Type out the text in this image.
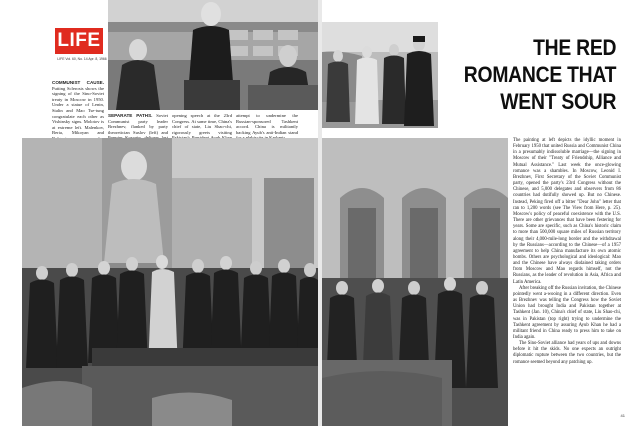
LIFE
LIFE Vol. 60, No. 14 Apr. 8, 1966
COMMUNIST CAUSE. Putting Sclerosis shows the signing of the Sino-Soviet treaty in Moscow in 1950. Under a statue of Lenin, Stalin and Mao Tse-tung congratulate each other as Vishinsky signs. Molotov is at extreme left. Malenkov, Beria, Mikoyan and
SEPARATE PATHS. Soviet Communist party leader Brezhnev, flanked by party theoretician Suslov (left) and
opening speech at the 23rd Congress. At same time, China's chief of state, Liu Shao-chi, rigorously greets visiting
attempt to undermine the Russian-sponsored Tashkent accord. China is militantly backing Ayub's anti-Indian stand
THE RED
ROMANCE THAT
WENT SOUR

The painting at left depicts the idyllic moment in February 1950 that united Russia and Communist China in a presumably indissoluble marriage—the signing in Moscow of their "Treaty of Friendship, Alliance and Mutual Assistance." Last week the once-glowing romance was a shambles. In Moscow, Leonid I. Brezhnev, First Secretary of the Soviet Communist party, opened the party's 23rd Congress without the Chinese, and 5,000 delegates and observers from 86 countries had dutifully showed up. But no Chinese. Instead, Peking fired off a bitter "Dear John" letter that ran to 1,200 words (see The View from Here, p. 25). Moscow's policy of peaceful coexistence with the U.S. There are other grievances that have been festering for years. Some are specific, such as China's historic claim to more than 500,000 square miles of Russian territory along their 4,000-mile-long border and the withdrawal by the Russians—according to the Chinese—of a 1957 agreement to help China manufacture its own atomic bombs. Others are psychological and ideological: Mao and the Chinese have always disdained taking orders from Moscow and Mao regards himself, not the Russians, as the leader of revolution in Asia, Africa and Latin America.

After breaking off the Russian invitation, the Chinese pointedly went a-wooing in a different direction. Even as Brezhnev was telling the Congress how the Soviet Union had brought India and Pakistan together at Tashkent (Jan. 10), China's chief of state, Liu Shao-chi, was in Pakistan (top right) trying to undermine the Tashkent agreement by assuring Ayub Khan he had a militant friend in China ready to press him to take on India again.

The Sino-Soviet alliance had years of ups and downs before it hit the skids. No one expects an outright diplomatic rupture between the two countries, but the romance seemed beyond any patching up.

41
